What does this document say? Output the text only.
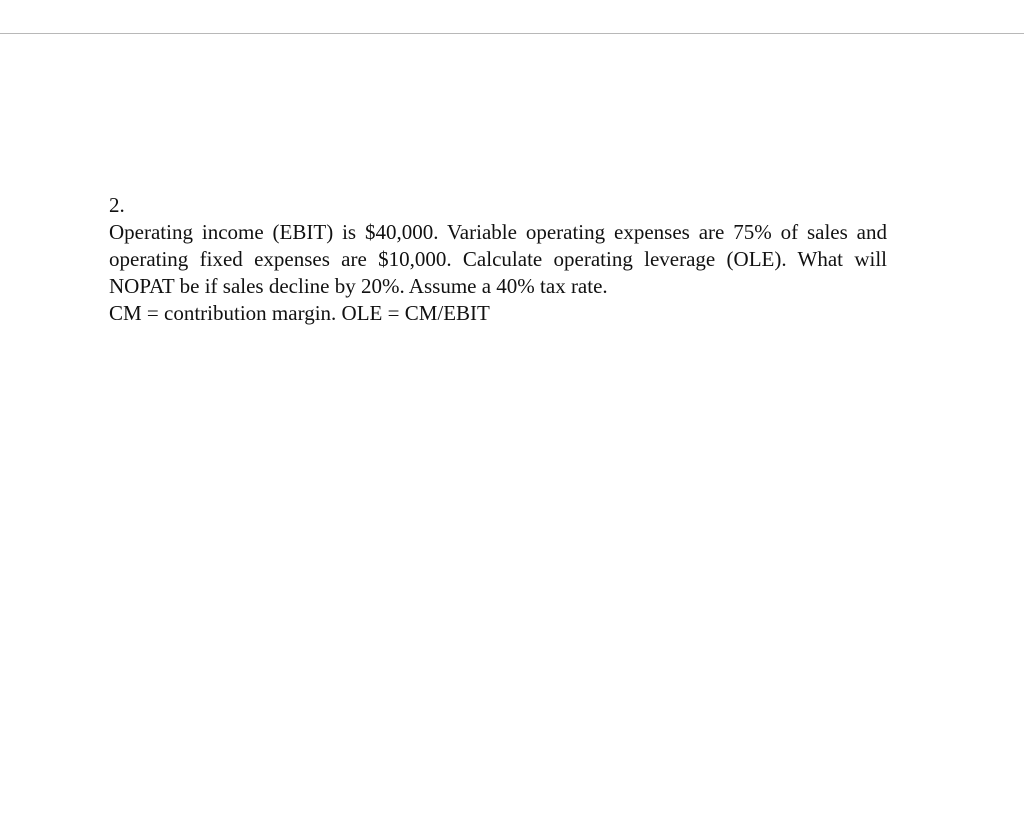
2.
Operating income (EBIT) is $40,000. Variable operating expenses are 75% of sales and operating fixed expenses are $10,000. Calculate operating leverage (OLE). What will NOPAT be if sales decline by 20%. Assume a 40% tax rate.
CM = contribution margin. OLE = CM/EBIT
